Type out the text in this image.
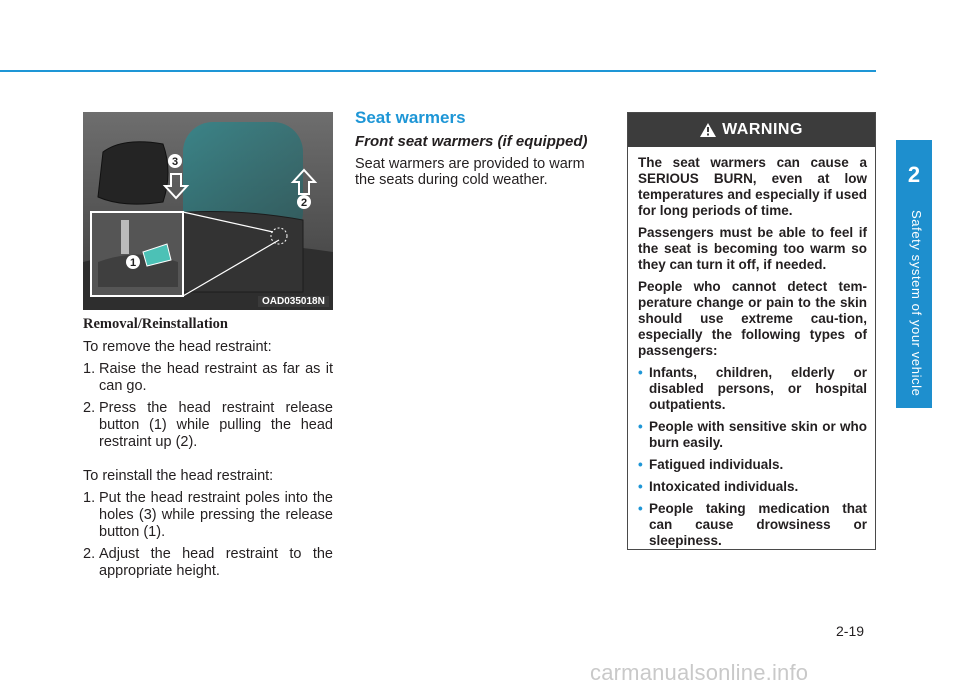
2
Safety system of your vehicle
3
2
1
OAD035018N
Removal/Reinstallation
To remove the head restraint:
1. Raise the head restraint as far as it can go.
2. Press the head restraint release button (1) while pulling the head restraint up (2).
To reinstall the head restraint:
1. Put the head restraint poles into the holes (3) while pressing the release button (1).
2. Adjust the head restraint to the appropriate height.
Seat warmers
Front seat warmers (if equipped)
Seat warmers are provided to warm the seats during cold weather.
WARNING

The seat warmers can cause a SERIOUS BURN, even at low temperatures and especially if used for long periods of time.

Passengers must be able to feel if the seat is becoming too warm so they can turn it off, if needed.

People who cannot detect tem-perature change or pain to the skin should use extreme cau-tion, especially the following types of passengers:

• Infants, children, elderly or disabled persons, or hospital outpatients.
• People with sensitive skin or who burn easily.
• Fatigued individuals.
• Intoxicated individuals.
• People taking medication that can cause drowsiness or sleepiness.
2-19
carmanualsonline.info
